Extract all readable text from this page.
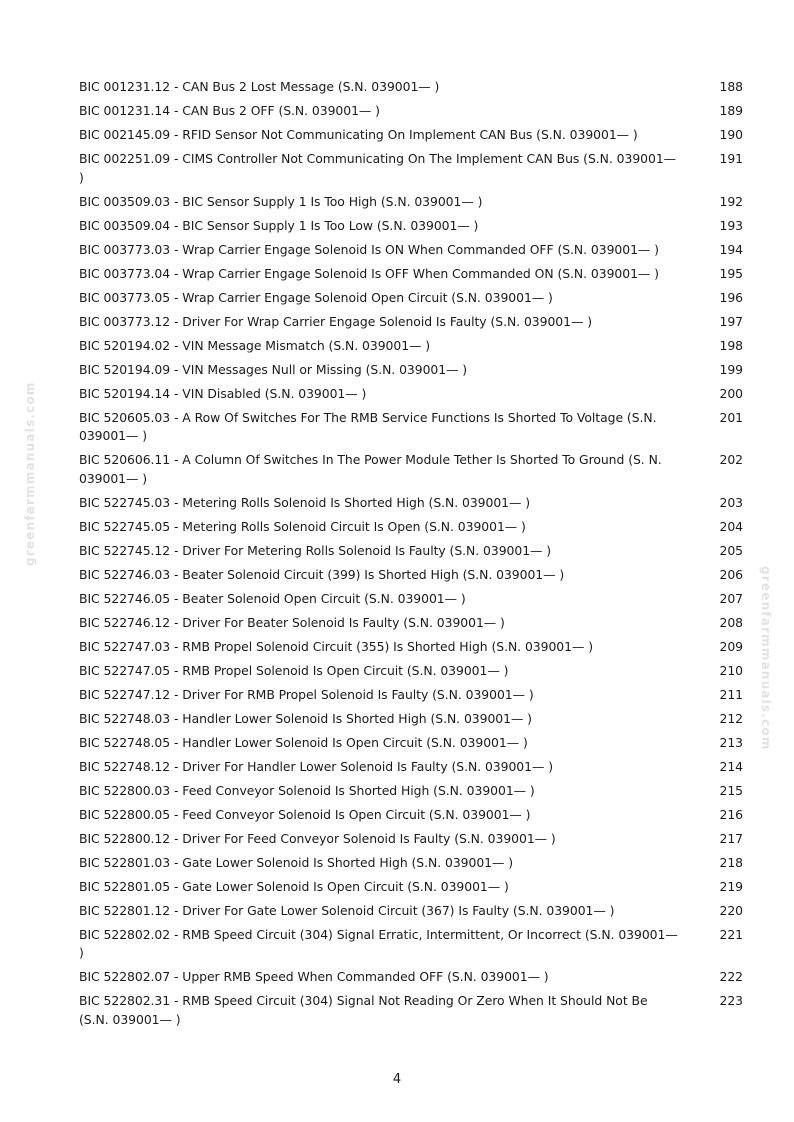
BIC 001231.12 - CAN Bus 2 Lost Message (S.N. 039001— )	188
BIC 001231.14 - CAN Bus 2 OFF (S.N. 039001— )	189
BIC 002145.09 - RFID Sensor Not Communicating On Implement CAN Bus (S.N. 039001— )	190
BIC 002251.09 - CIMS Controller Not Communicating On The Implement CAN Bus (S.N. 039001— )
191
BIC 003509.03 - BIC Sensor Supply 1 Is Too High (S.N. 039001— )	192
BIC 003509.04 - BIC Sensor Supply 1 Is Too Low (S.N. 039001— )	193
BIC 003773.03 - Wrap Carrier Engage Solenoid Is ON When Commanded OFF (S.N. 039001— )	194
BIC 003773.04 - Wrap Carrier Engage Solenoid Is OFF When Commanded ON (S.N. 039001— )	195
BIC 003773.05 - Wrap Carrier Engage Solenoid Open Circuit (S.N. 039001— )	196
BIC 003773.12 - Driver For Wrap Carrier Engage Solenoid Is Faulty (S.N. 039001— )	197
BIC 520194.02 - VIN Message Mismatch (S.N. 039001— )	198
BIC 520194.09 - VIN Messages Null or Missing (S.N. 039001— )	199
BIC 520194.14 - VIN Disabled (S.N. 039001— )	200
BIC 520605.03 - A Row Of Switches For The RMB Service Functions Is Shorted To Voltage (S.N. 039001— )
201
BIC 520606.11 - A Column Of Switches In The Power Module Tether Is Shorted To Ground (S. N. 039001— )
202
BIC 522745.03 - Metering Rolls Solenoid Is Shorted High (S.N. 039001— )	203
BIC 522745.05 - Metering Rolls Solenoid Circuit Is Open (S.N. 039001— )	204
BIC 522745.12 - Driver For Metering Rolls Solenoid Is Faulty (S.N. 039001— )	205
BIC 522746.03 - Beater Solenoid Circuit (399) Is Shorted High (S.N. 039001— )	206
BIC 522746.05 - Beater Solenoid Open Circuit (S.N. 039001— )	207
BIC 522746.12 - Driver For Beater Solenoid Is Faulty (S.N. 039001— )	208
BIC 522747.03 - RMB Propel Solenoid Circuit (355) Is Shorted High (S.N. 039001— )	209
BIC 522747.05 - RMB Propel Solenoid Is Open Circuit (S.N. 039001— )	210
BIC 522747.12 - Driver For RMB Propel Solenoid Is Faulty (S.N. 039001— )	211
BIC 522748.03 - Handler Lower Solenoid Is Shorted High (S.N. 039001— )	212
BIC 522748.05 - Handler Lower Solenoid Is Open Circuit (S.N. 039001— )	213
BIC 522748.12 - Driver For Handler Lower Solenoid Is Faulty (S.N. 039001— )	214
BIC 522800.03 - Feed Conveyor Solenoid Is Shorted High (S.N. 039001— )	215
BIC 522800.05 - Feed Conveyor Solenoid Is Open Circuit (S.N. 039001— )	216
BIC 522800.12 - Driver For Feed Conveyor Solenoid Is Faulty (S.N. 039001— )	217
BIC 522801.03 - Gate Lower Solenoid Is Shorted High (S.N. 039001— )	218
BIC 522801.05 - Gate Lower Solenoid Is Open Circuit (S.N. 039001— )	219
BIC 522801.12 - Driver For Gate Lower Solenoid Circuit (367) Is Faulty (S.N. 039001— )	220
BIC 522802.02 - RMB Speed Circuit (304) Signal Erratic, Intermittent, Or Incorrect (S.N. 039001— )
221
BIC 522802.07 - Upper RMB Speed When Commanded OFF (S.N. 039001— )	222
BIC 522802.31 - RMB Speed Circuit (304) Signal Not Reading Or Zero When It Should Not Be (S.N. 039001— )
223
4
greenfarmmanuals.com
greenfarmmanuals.com
